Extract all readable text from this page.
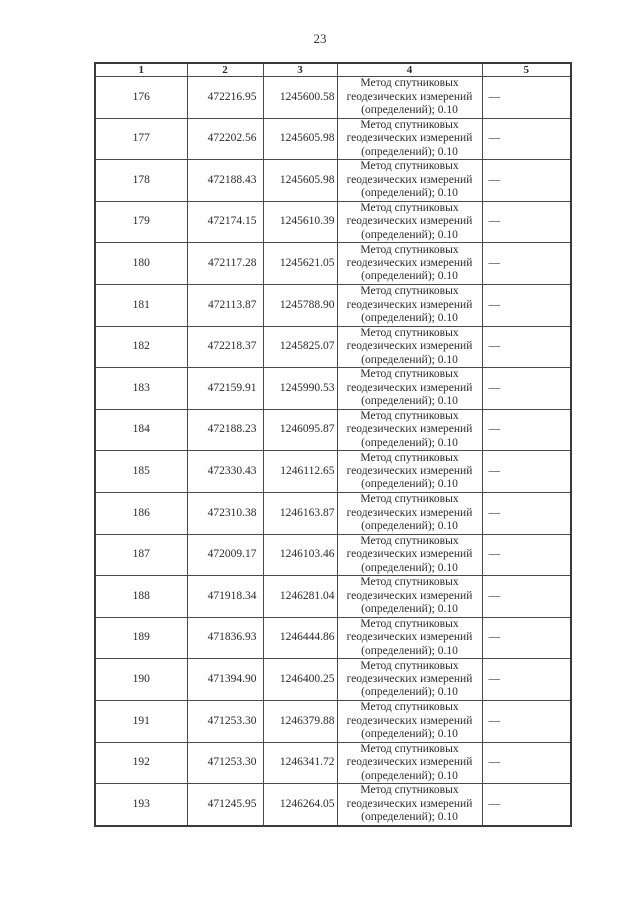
23
1	2	3	4	5
176	472216.95	1245600.58	Метод спутниковых
геодезических измерений
(определений); 0.10	—
177	472202.56	1245605.98	Метод спутниковых
геодезических измерений
(определений); 0.10	—
178	472188.43	1245605.98	Метод спутниковых
геодезических измерений
(определений); 0.10	—
179	472174.15	1245610.39	Метод спутниковых
геодезических измерений
(определений); 0.10	—
180	472117.28	1245621.05	Метод спутниковых
геодезических измерений
(определений); 0.10	—
181	472113.87	1245788.90	Метод спутниковых
геодезических измерений
(определений); 0.10	—
182	472218.37	1245825.07	Метод спутниковых
геодезических измерений
(определений); 0.10	—
183	472159.91	1245990.53	Метод спутниковых
геодезических измерений
(определений); 0.10	—
184	472188.23	1246095.87	Метод спутниковых
геодезических измерений
(определений); 0.10	—
185	472330.43	1246112.65	Метод спутниковых
геодезических измерений
(определений); 0.10	—
186	472310.38	1246163.87	Метод спутниковых
геодезических измерений
(определений); 0.10	—
187	472009.17	1246103.46	Метод спутниковых
геодезических измерений
(определений); 0.10	—
188	471918.34	1246281.04	Метод спутниковых
геодезических измерений
(определений); 0.10	—
189	471836.93	1246444.86	Метод спутниковых
геодезических измерений
(определений); 0.10	—
190	471394.90	1246400.25	Метод спутниковых
геодезических измерений
(определений); 0.10	—
191	471253.30	1246379.88	Метод спутниковых
геодезических измерений
(определений); 0.10	—
192	471253.30	1246341.72	Метод спутниковых
геодезических измерений
(определений); 0.10	—
193	471245.95	1246264.05	Метод спутниковых
геодезических измерений
(определений); 0.10	—
